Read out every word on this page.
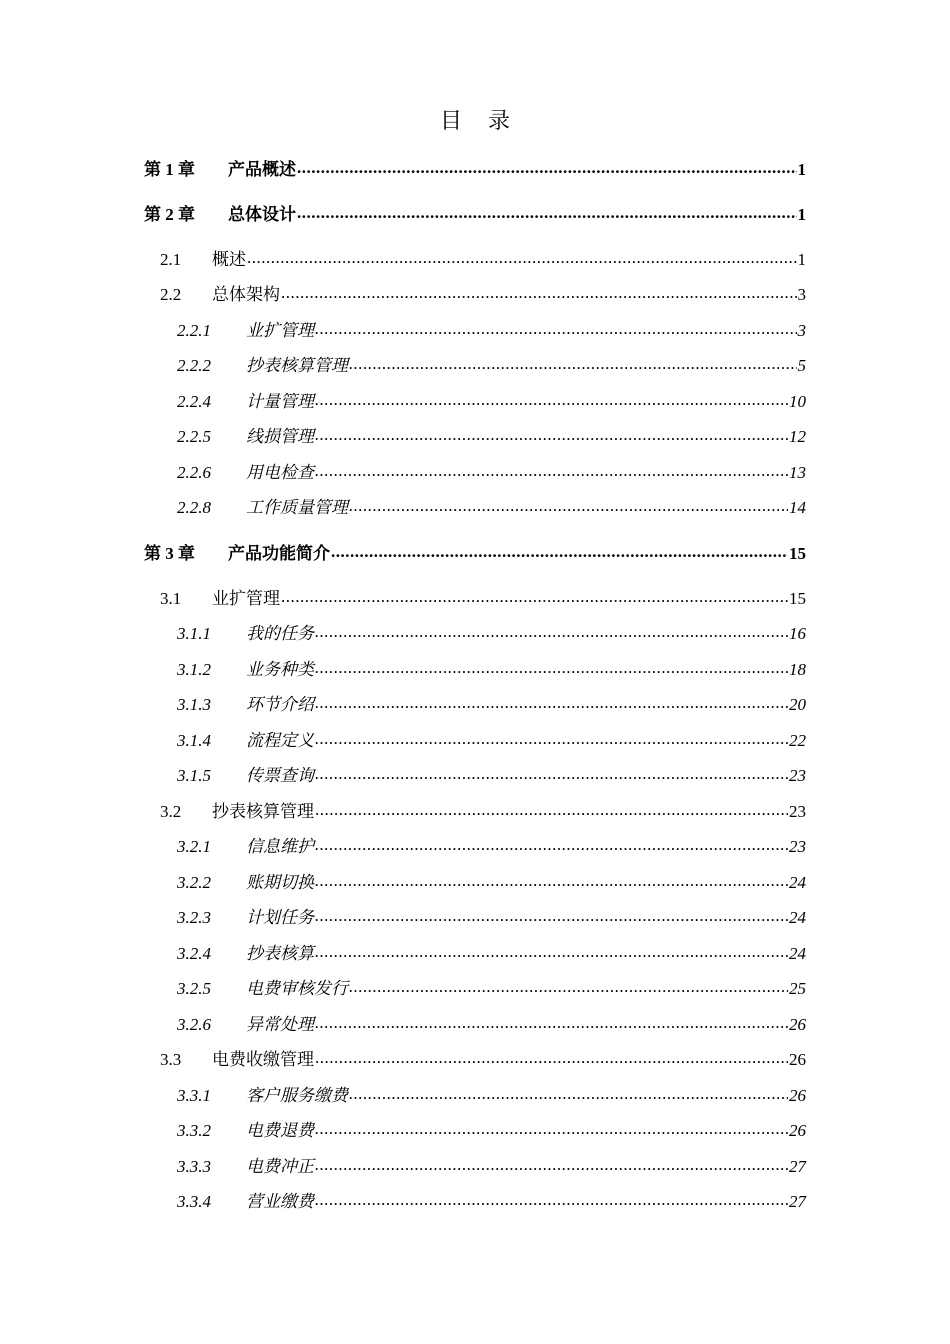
目 录
第 1 章	产品概述 .....	1
第 2 章	总体设计 .....	1
2.1	概述 .....	1
2.2	总体架构 .....	3
2.2.1	业扩管理 .....	3
2.2.2	抄表核算管理 .....	5
2.2.4	计量管理 .....	10
2.2.5	线损管理 .....	12
2.2.6	用电检查 .....	13
2.2.8	工作质量管理 .....	14
第 3 章	产品功能简介 .....	15
3.1	业扩管理 .....	15
3.1.1	我的任务 .....	16
3.1.2	业务种类 .....	18
3.1.3	环节介绍 .....	20
3.1.4	流程定义 .....	22
3.1.5	传票查询 .....	23
3.2	抄表核算管理 .....	23
3.2.1	信息维护 .....	23
3.2.2	账期切换 .....	24
3.2.3	计划任务 .....	24
3.2.4	抄表核算 .....	24
3.2.5	电费审核发行 .....	25
3.2.6	异常处理 .....	26
3.3	电费收缴管理 .....	26
3.3.1	客户服务缴费 .....	26
3.3.2	电费退费 .....	26
3.3.3	电费冲正 .....	27
3.3.4	营业缴费 .....	27
